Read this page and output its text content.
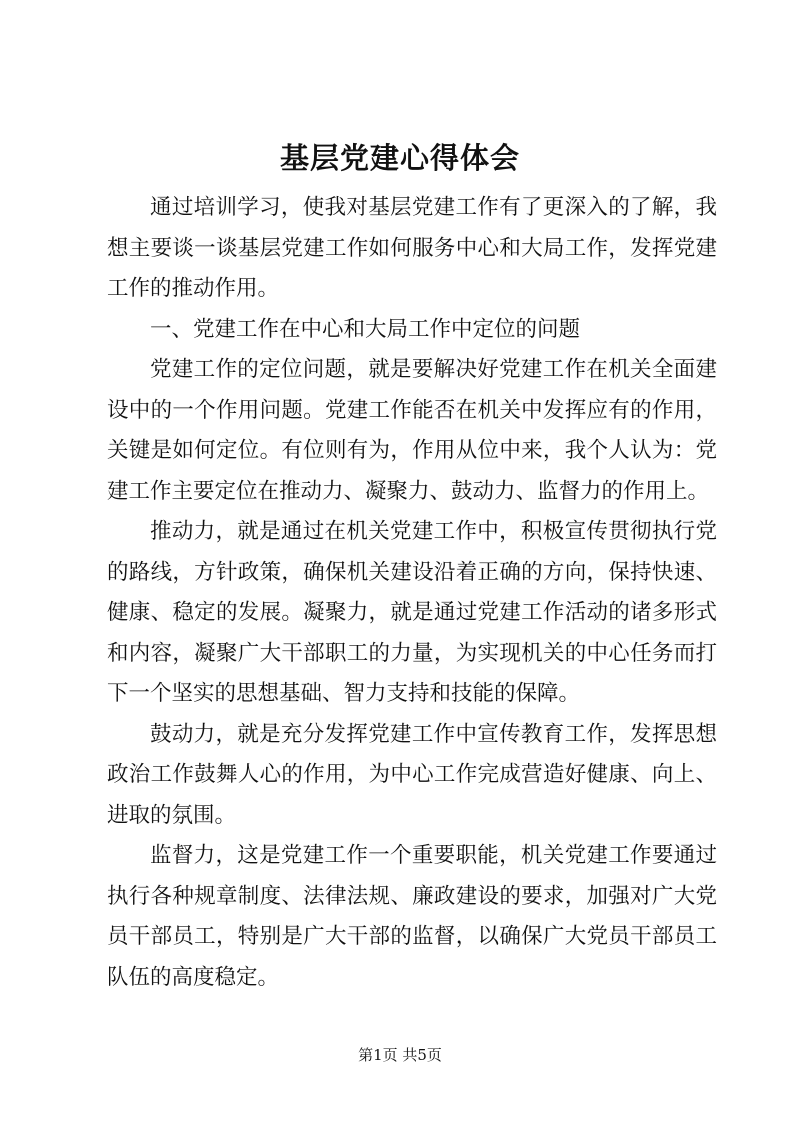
基层党建心得体会

通过培训学习，使我对基层党建工作有了更深入的了解，我想主要谈一谈基层党建工作如何服务中心和大局工作，发挥党建工作的推动作用。

一、党建工作在中心和大局工作中定位的问题

党建工作的定位问题，就是要解决好党建工作在机关全面建设中的一个作用问题。党建工作能否在机关中发挥应有的作用，关键是如何定位。有位则有为，作用从位中来，我个人认为：党建工作主要定位在推动力、凝聚力、鼓动力、监督力的作用上。

推动力，就是通过在机关党建工作中，积极宣传贯彻执行党的路线，方针政策，确保机关建设沿着正确的方向，保持快速、健康、稳定的发展。凝聚力，就是通过党建工作活动的诸多形式和内容，凝聚广大干部职工的力量，为实现机关的中心任务而打下一个坚实的思想基础、智力支持和技能的保障。

鼓动力，就是充分发挥党建工作中宣传教育工作，发挥思想政治工作鼓舞人心的作用，为中心工作完成营造好健康、向上、进取的氛围。

监督力，这是党建工作一个重要职能，机关党建工作要通过执行各种规章制度、法律法规、廉政建设的要求，加强对广大党员干部员工，特别是广大干部的监督，以确保广大党员干部员工队伍的高度稳定。

第1页 共5页
